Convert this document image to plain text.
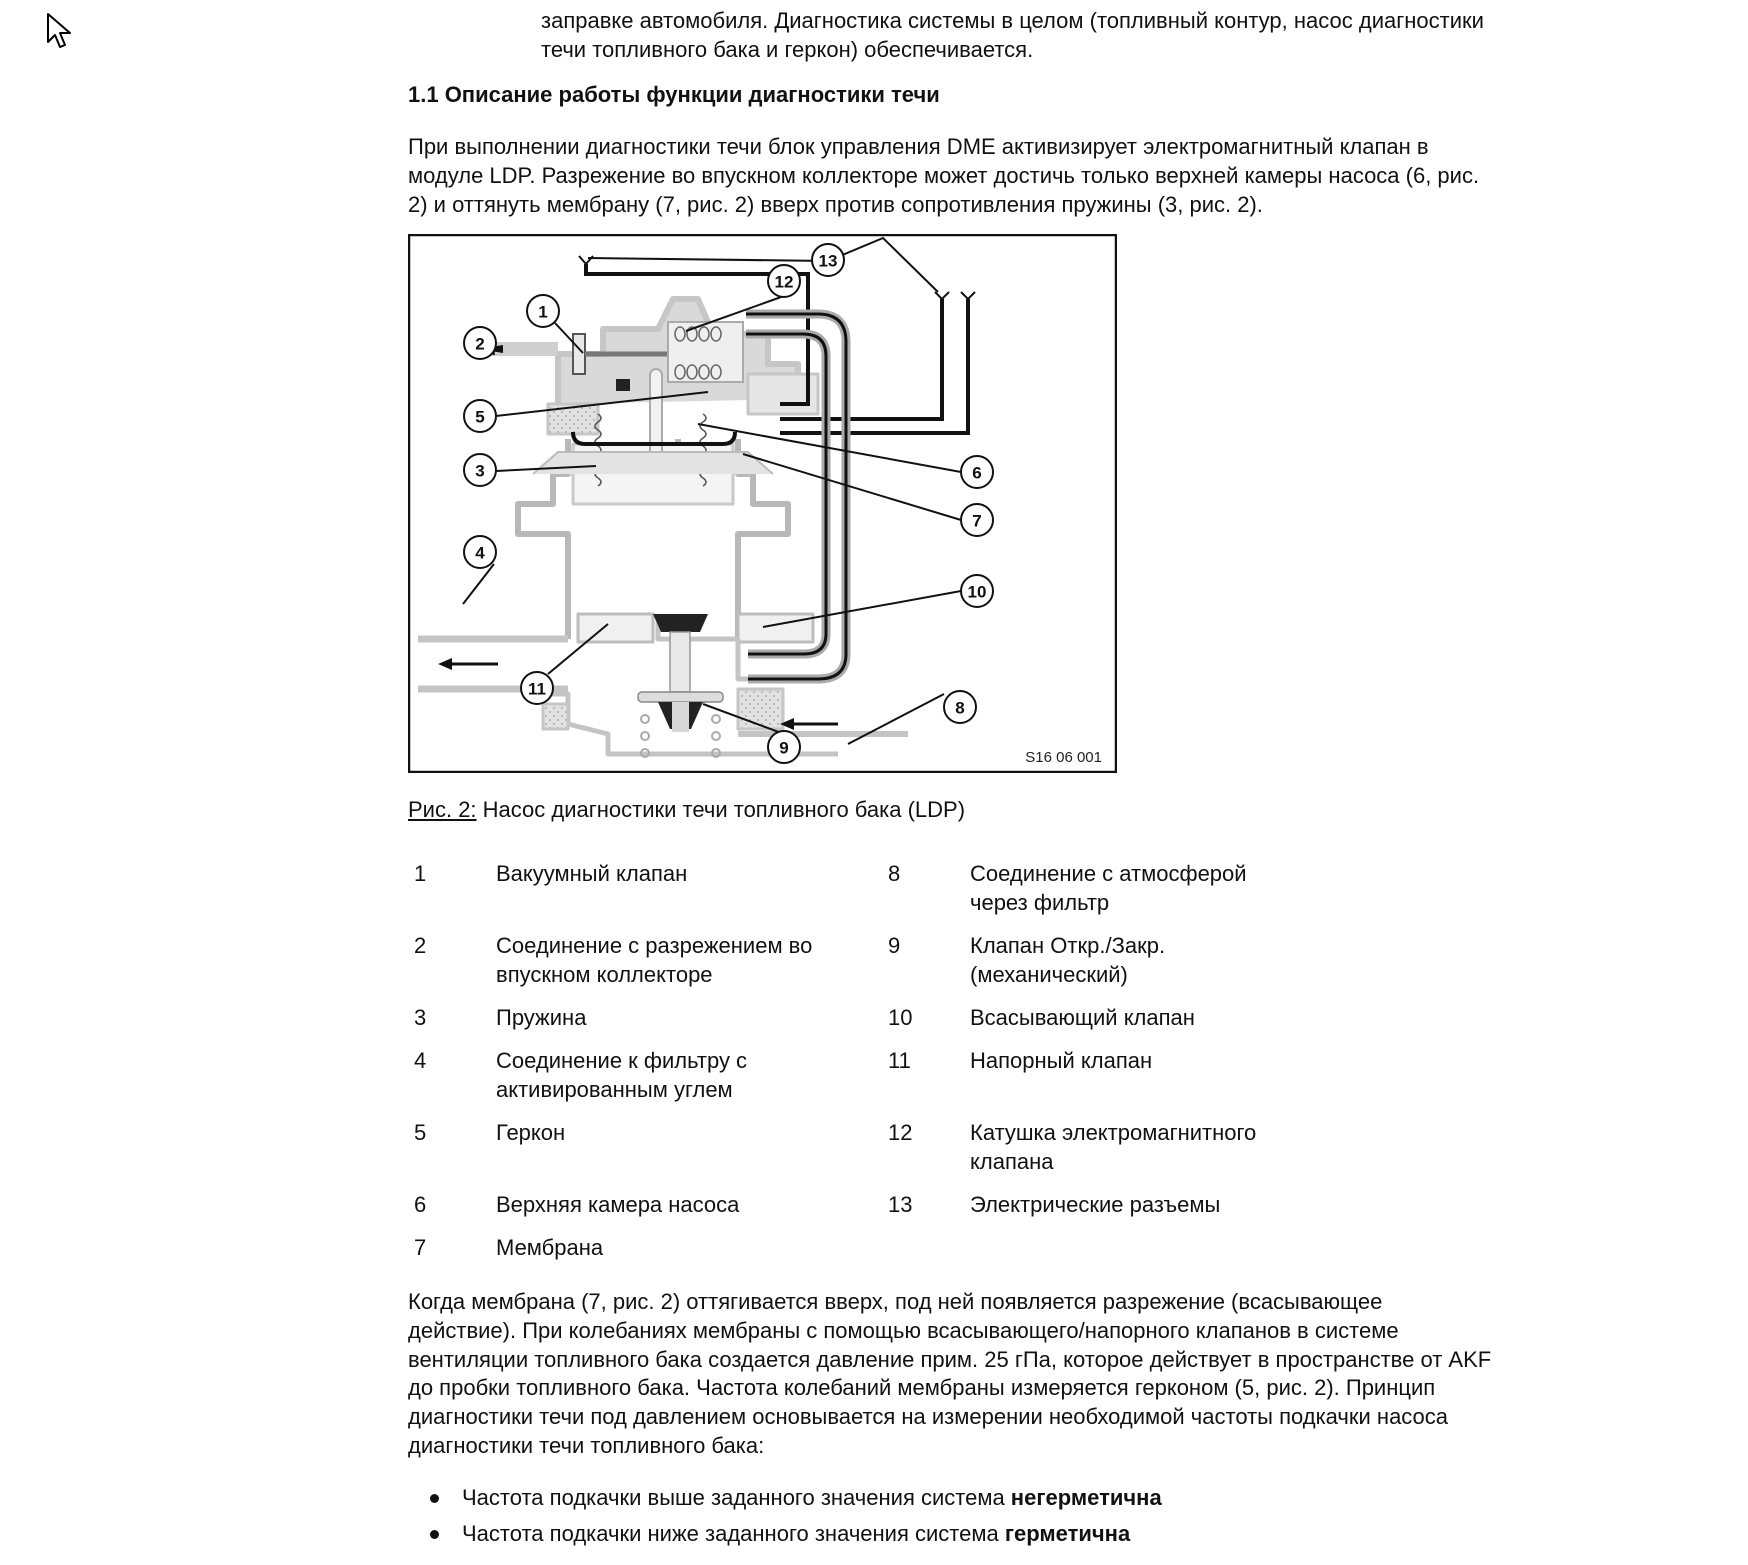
заправке автомобиля. Диагностика системы в целом (топливный контур, насос диагностики
течи топливного бака и геркон) обеспечивается.
1.1 Описание работы функции диагностики течи
При выполнении диагностики течи блок управления DME активизирует электромагнитный клапан в
модуле LDP. Разрежение во впускном коллекторе может достичь только верхней камеры насоса (6, рис.
2) и оттянуть мембрану (7, рис. 2) вверх против сопротивления пружины (3, рис. 2).
13
12
1
2
5
3	6
7
4
10
11
9
8
S16 06 001
Рис. 2: Насос диагностики течи топливного бака (LDP)
1	Вакуумный клапан
2	Соединение с разрежением во
впускном коллекторе
3	Пружина
4	Соединение к фильтру с
активированным углем
5	Геркон
6	Верхняя камера насоса
7	Мембрана
8	Соединение с атмосферой
через фильтр
9	Клапан Откр./Закр.
(механический)
10	Всасывающий клапан
11	Напорный клапан
12	Катушка электромагнитного
клапана
13	Электрические разъемы
Когда мембрана (7, рис. 2) оттягивается вверх, под ней появляется разрежение (всасывающее
действие). При колебаниях мембраны с помощью всасывающего/напорного клапанов в системе
вентиляции топливного бака создается давление прим. 25 гПа, которое действует в пространстве от AKF
до пробки топливного бака. Частота колебаний мембраны измеряется герконом (5, рис. 2). Принцип
диагностики течи под давлением основывается на измерении необходимой частоты подкачки насоса
диагностики течи топливного бака:
Частота подкачки выше заданного значения система негерметична
Частота подкачки ниже заданного значения система герметична
